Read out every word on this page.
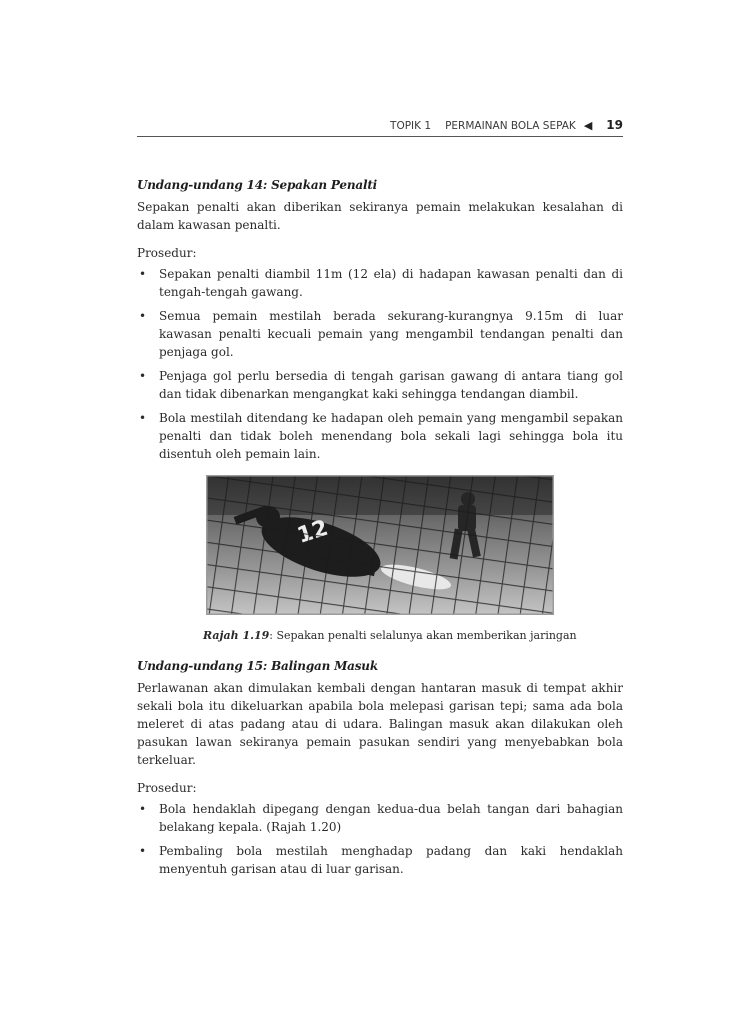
TOPIK 1 PERMAINAN BOLA SEPAK ◀ 19
Undang-undang 14: Sepakan Penalti

Sepakan penalti akan diberikan sekiranya pemain melakukan kesalahan di dalam kawasan penalti.

Prosedur:

• Sepakan penalti diambil 11m (12 ela) di hadapan kawasan penalti dan di tengah-tengah gawang.
• Semua pemain mestilah berada sekurang-kurangnya 9.15m di luar kawasan penalti kecuali pemain yang mengambil tendangan penalti dan penjaga gol.
• Penjaga gol perlu bersedia di tengah garisan gawang di antara tiang gol dan tidak dibenarkan mengangkat kaki sehingga tendangan diambil.
• Bola mestilah ditendang ke hadapan oleh pemain yang mengambil sepakan penalti dan tidak boleh menendang bola sekali lagi sehingga bola itu disentuh oleh pemain lain.

Rajah 1.19: Sepakan penalti selalunya akan memberikan jaringan

Undang-undang 15: Balingan Masuk

Perlawanan akan dimulakan kembali dengan hantaran masuk di tempat akhir sekali bola itu dikeluarkan apabila bola melepasi garisan tepi; sama ada bola meleret di atas padang atau di udara. Balingan masuk akan dilakukan oleh pasukan lawan sekiranya pemain pasukan sendiri yang menyebabkan bola terkeluar.

Prosedur:

• Bola hendaklah dipegang dengan kedua-dua belah tangan dari bahagian belakang kepala. (Rajah 1.20)
• Pembaling bola mestilah menghadap padang dan kaki hendaklah menyentuh garisan atau di luar garisan.
